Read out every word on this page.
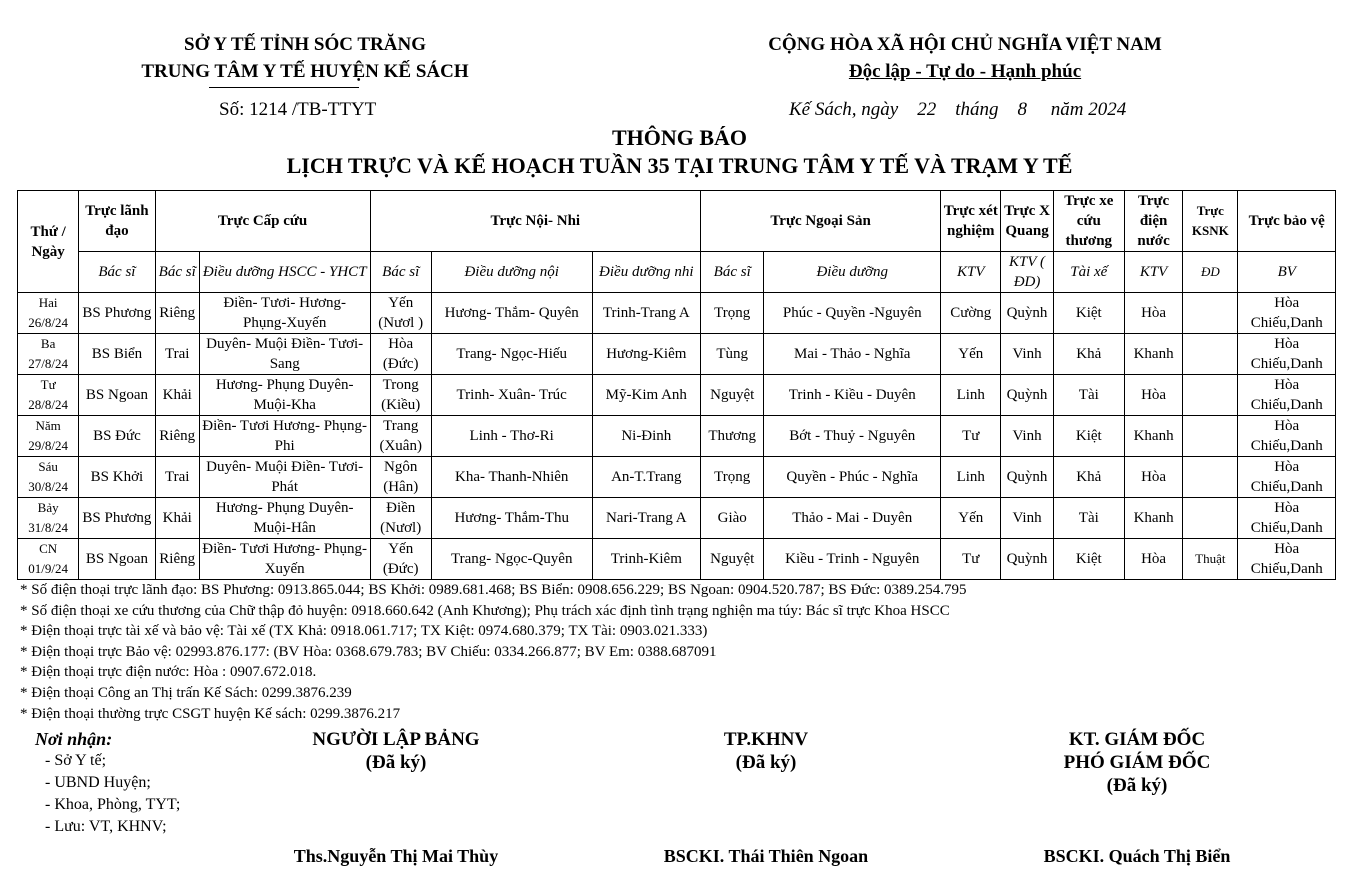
SỞ Y TẾ TỈNH SÓC TRĂNG
TRUNG TÂM Y TẾ HUYỆN KẾ SÁCH
CỘNG HÒA XÃ HỘI CHỦ NGHĨA VIỆT NAM
Độc lập - Tự do - Hạnh phúc
Số: 1214 /TB-TTYT	Kế Sách, ngày    22    tháng    8     năm 2024
THÔNG BÁO
LỊCH TRỰC VÀ KẾ HOẠCH TUẦN 35 TẠI TRUNG TÂM Y TẾ VÀ TRẠM Y TẾ
Thứ / Ngày	Trực lãnh đạo	Trực Cấp cứu		Trực Nội- Nhi			Trực Ngoại Sản		Trực xét nghiệm	Trực X Quang	Trực xe cứu thương	Trực điện nước	Trực KSNK	Trực bảo vệ
	Bác sĩ	Bác sĩ	Điều dưỡng HSCC - YHCT	Bác sĩ	Điều dưỡng nội	Điều dưỡng nhi	Bác sĩ	Điều dưỡng	KTV	KTV ( ĐD)	Tài xế	KTV	ĐD	BV

Hai
26/8/24	BS Phương	Riêng	Điền- Tươi- Hương- Phụng-Xuyến	Yến (Nươl )	Hương- Thắm- Quyên	Trinh-Trang A	Trọng	Phúc - Quyền -Nguyên	Cường	Quỳnh	Kiệt	Hòa		Hòa Chiếu,Danh

Ba
27/8/24	BS Biển	Trai	Duyên- Muội Điền- Tươi-Sang	Hòa (Đức)	Trang- Ngọc-Hiếu	Hương-Kiêm	Tùng	Mai - Thảo - Nghĩa	Yến	Vinh	Khả	Khanh		Hòa Chiếu,Danh

Tư
28/8/24	BS Ngoan	Khải	Hương- Phụng Duyên- Muội-Kha	Trong (Kiều)	Trinh- Xuân- Trúc	Mỹ-Kim Anh	Nguyệt	Trinh - Kiều - Duyên	Linh	Quỳnh	Tài	Hòa		Hòa Chiếu,Danh

Năm
29/8/24	BS Đức	Riêng	Điền- Tươi Hương- Phụng-Phi	Trang (Xuân)	Linh - Thơ-Ri	Ni-Đinh	Thương	Bớt - Thuỷ - Nguyên	Tư	Vinh	Kiệt	Khanh		Hòa Chiếu,Danh

Sáu
30/8/24	BS Khởi	Trai	Duyên- Muội Điền- Tươi-Phát	Ngôn (Hân)	Kha- Thanh-Nhiên	An-T.Trang	Trọng	Quyền - Phúc - Nghĩa	Linh	Quỳnh	Khả	Hòa		Hòa Chiếu,Danh

Bảy
31/8/24	BS Phương	Khải	Hương- Phụng Duyên- Muội-Hân	Điền (Nươl)	Hương- Thắm-Thu	Nari-Trang A	Giào	Thảo - Mai - Duyên	Yến	Vinh	Tài	Khanh		Hòa Chiếu,Danh

CN
01/9/24	BS Ngoan	Riêng	Điền- Tươi Hương- Phụng-Xuyến	Yến (Đức)	Trang- Ngọc-Quyên	Trinh-Kiêm	Nguyệt	Kiều - Trinh - Nguyên	Tư	Quỳnh	Kiệt	Hòa	Thuật	Hòa Chiếu,Danh
* Số điện thoại trực lãnh đạo: BS Phương: 0913.865.044; BS Khởi: 0989.681.468; BS Biển: 0908.656.229; BS Ngoan: 0904.520.787; BS Đức: 0389.254.795
* Số điện thoại xe cứu thương của Chữ thập đỏ huyện: 0918.660.642 (Anh Khương); Phụ trách xác định tình trạng nghiện ma túy: Bác sĩ trực Khoa HSCC
* Điện thoại trực tài xế và bảo vệ: Tài xế (TX Khả: 0918.061.717; TX Kiệt: 0974.680.379; TX Tài: 0903.021.333)
* Điện thoại trực Bảo vệ: 02993.876.177: (BV Hòa: 0368.679.783; BV Chiếu: 0334.266.877; BV Em: 0388.687091
* Điện thoại trực điện nước: Hòa : 0907.672.018.
* Điện thoại Công an Thị trấn Kế Sách: 0299.3876.239
* Điện thoại thường trực CSGT huyện Kế sách: 0299.3876.217
Nơi nhận:
- Sở Y tế;
- UBND Huyện;
- Khoa, Phòng, TYT;
- Lưu: VT, KHNV;
NGƯỜI LẬP BẢNG
(Đã ký)
Ths.Nguyễn Thị Mai Thùy
TP.KHNV
(Đã ký)
BSCKI. Thái Thiên Ngoan
KT. GIÁM ĐỐC
PHÓ GIÁM ĐỐC
(Đã ký)
BSCKI. Quách Thị Biển
